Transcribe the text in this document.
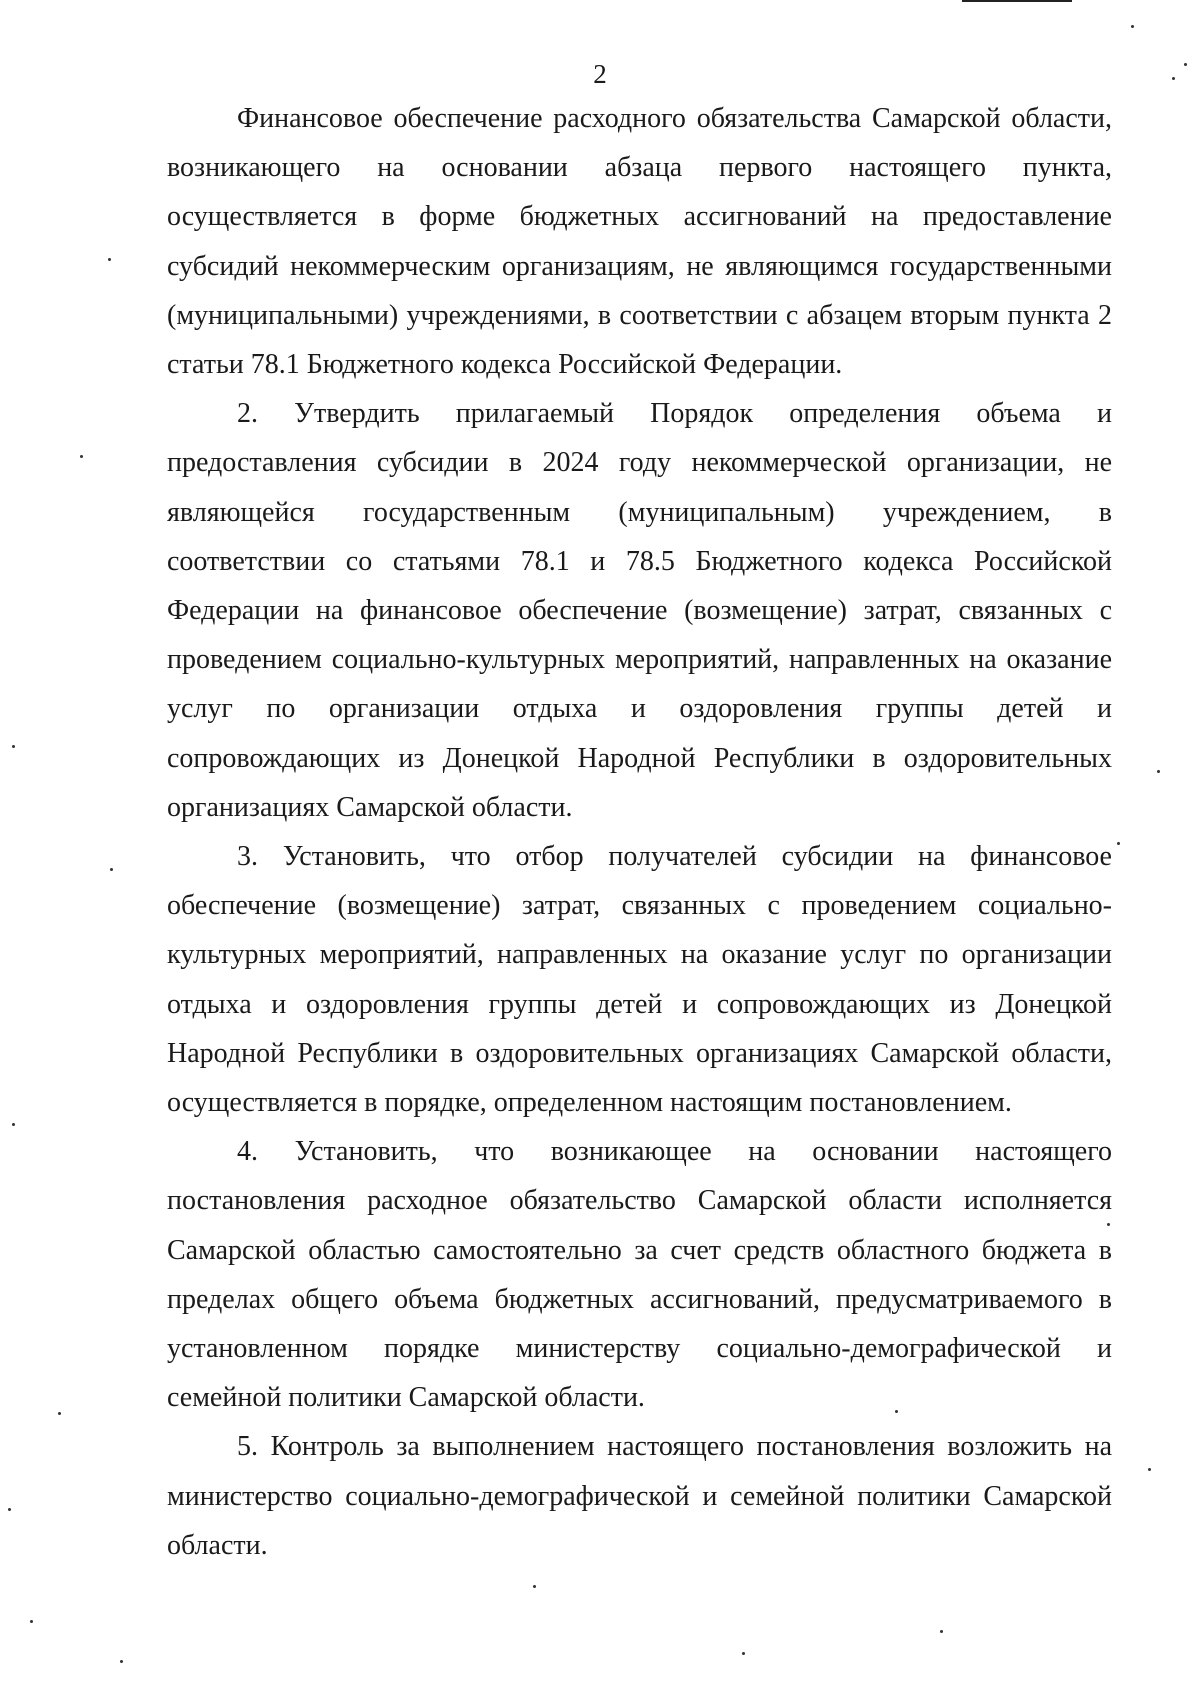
2

Финансовое обеспечение расходного обязательства Самарской области, возникающего на основании абзаца первого настоящего пункта, осуществляется в форме бюджетных ассигнований на предоставление субсидий некоммерческим организациям, не являющимся государственными (муниципальными) учреждениями, в соответствии с абзацем вторым пункта 2 статьи 78.1 Бюджетного кодекса Российской Федерации.

2. Утвердить прилагаемый Порядок определения объема и предоставления субсидии в 2024 году некоммерческой организации, не являющейся государственным (муниципальным) учреждением, в соответствии со статьями 78.1 и 78.5 Бюджетного кодекса Российской Федерации на финансовое обеспечение (возмещение) затрат, связанных с проведением социально-культурных мероприятий, направленных на оказание услуг по организации отдыха и оздоровления группы детей и сопровождающих из Донецкой Народной Республики в оздоровительных организациях Самарской области.

3. Установить, что отбор получателей субсидии на финансовое обеспечение (возмещение) затрат, связанных с проведением социально-культурных мероприятий, направленных на оказание услуг по организации отдыха и оздоровления группы детей и сопровождающих из Донецкой Народной Республики в оздоровительных организациях Самарской области, осуществляется в порядке, определенном настоящим постановлением.

4. Установить, что возникающее на основании настоящего постановления расходное обязательство Самарской области исполняется Самарской областью самостоятельно за счет средств областного бюджета в пределах общего объема бюджетных ассигнований, предусматриваемого в установленном порядке министерству социально-демографической и семейной политики Самарской области.

5. Контроль за выполнением настоящего постановления возложить на министерство социально-демографической и семейной политики Самарской области.
